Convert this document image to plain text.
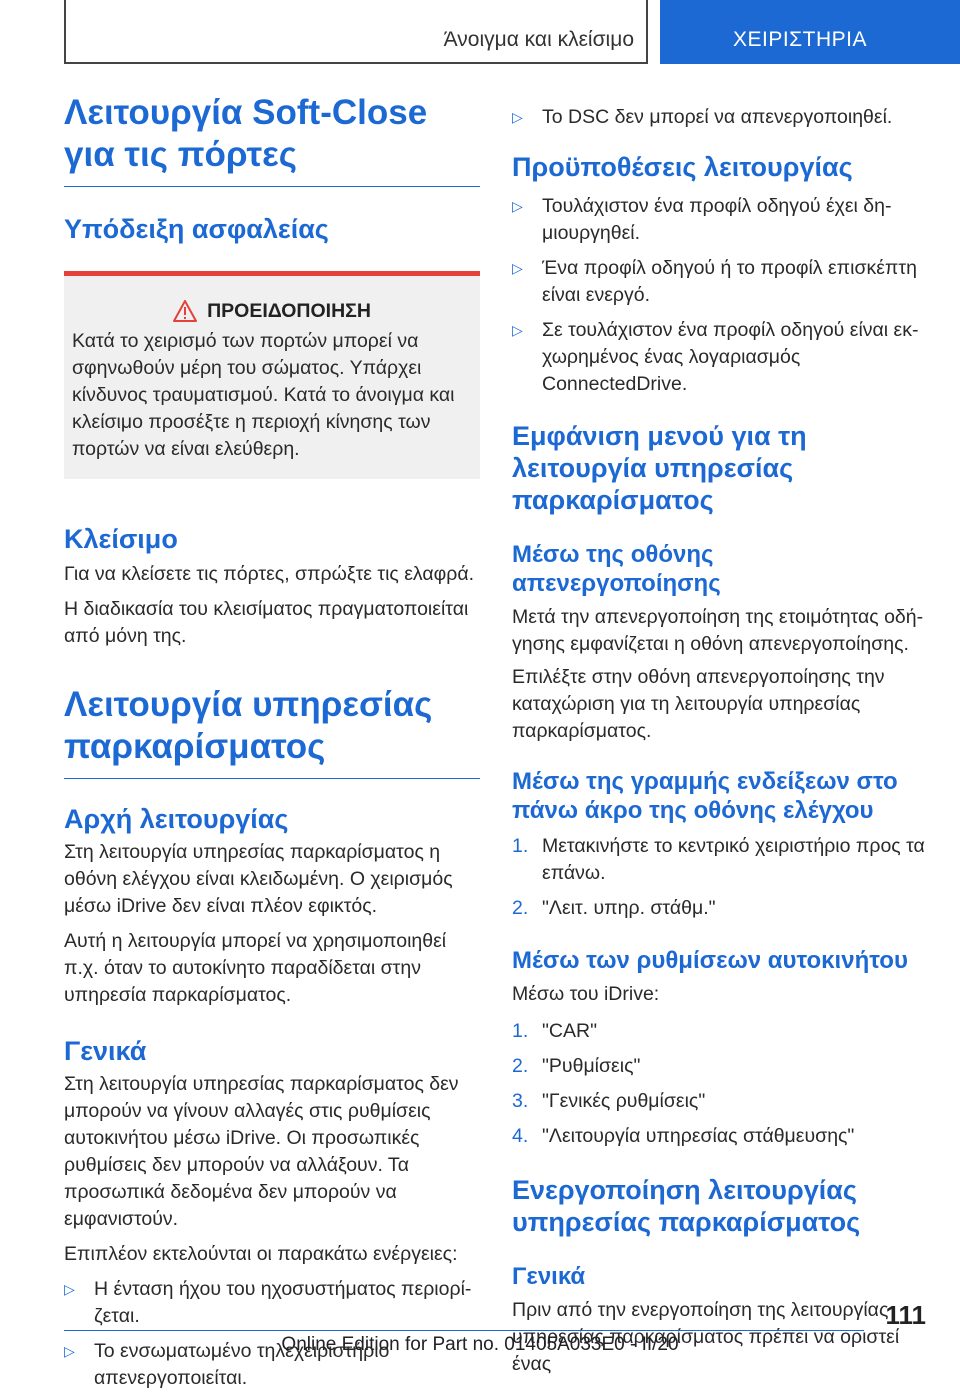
Άνοιγμα και κλείσιμο	ΧΕΙΡΙΣΤΗΡΙΑ
Λειτουργία Soft-Close για τις πόρτες
Υπόδειξη ασφαλείας
ΠΡΟΕΙΔΟΠΟΙΗΣΗ

Κατά το χειρισμό των πορτών μπορεί να σφηνωθούν μέρη του σώματος. Υπάρχει κίνδυνος τραυματισμού. Κατά το άνοιγμα και κλείσιμο προσέξτε η περιοχή κίνησης των πορτών να είναι ελεύθερη.

Κλείσιμο

Για να κλείσετε τις πόρτες, σπρώξτε τις ελαφρά.

Η διαδικασία του κλεισίματος πραγματοποιείται από μόνη της.

Λειτουργία υπηρεσίας παρκαρίσματος
Αρχή λειτουργίας

Στη λειτουργία υπηρεσίας παρκαρίσματος η οθόνη ελέγχου είναι κλειδωμένη. Ο χειρισμός μέσω iDrive δεν είναι πλέον εφικτός.

Αυτή η λειτουργία μπορεί να χρησιμοποιηθεί π.χ. όταν το αυτοκίνητο παραδίδεται στην υπηρεσία παρκαρίσματος.

Γενικά

Στη λειτουργία υπηρεσίας παρκαρίσματος δεν μπορούν να γίνουν αλλαγές στις ρυθμίσεις αυτοκινήτου μέσω iDrive. Οι προσωπικές ρυθμίσεις δεν μπορούν να αλλάξουν. Τα προσωπικά δεδομένα δεν μπορούν να εμφανιστούν.

Επιπλέον εκτελούνται οι παρακάτω ενέργειες:

▷ Η ένταση ήχου του ηχοσυστήματος περιορίζεται.
▷ Το ενσωματωμένο τηλεχειριστήριο απενεργοποιείται.
▷ Το DSC δεν μπορεί να απενεργοποιηθεί.
Προϋποθέσεις λειτουργίας
▷ Τουλάχιστον ένα προφίλ οδηγού έχει δημιουργηθεί.
▷ Ένα προφίλ οδηγού ή το προφίλ επισκέπτη είναι ενεργό.
▷ Σε τουλάχιστον ένα προφίλ οδηγού είναι εκχωρημένος ένας λογαριασμός ConnectedDrive.
Εμφάνιση μενού για τη λειτουργία υπηρεσίας παρκαρίσματος
Μέσω της οθόνης απενεργοποίησης

Μετά την απενεργοποίηση της ετοιμότητας οδήγησης εμφανίζεται η οθόνη απενεργοποίησης.

Επιλέξτε στην οθόνη απενεργοποίησης την καταχώριση για τη λειτουργία υπηρεσίας παρκαρίσματος.

Μέσω της γραμμής ενδείξεων στο πάνω άκρο της οθόνης ελέγχου
1. Μετακινήστε το κεντρικό χειριστήριο προς τα επάνω.
2. "Λειτ. υπηρ. στάθμ."
Μέσω των ρυθμίσεων αυτοκινήτου

Μέσω του iDrive:

1. "CAR"
2. "Ρυθμίσεις"
3. "Γενικές ρυθμίσεις"
4. "Λειτουργία υπηρεσίας στάθμευσης"
Ενεργοποίηση λειτουργίας υπηρεσίας παρκαρίσματος
Γενικά

Πριν από την ενεργοποίηση της λειτουργίας υπηρεσίας παρκαρίσματος πρέπει να οριστεί ένας

111
Online Edition for Part no. 01405A033E0 - II/20
